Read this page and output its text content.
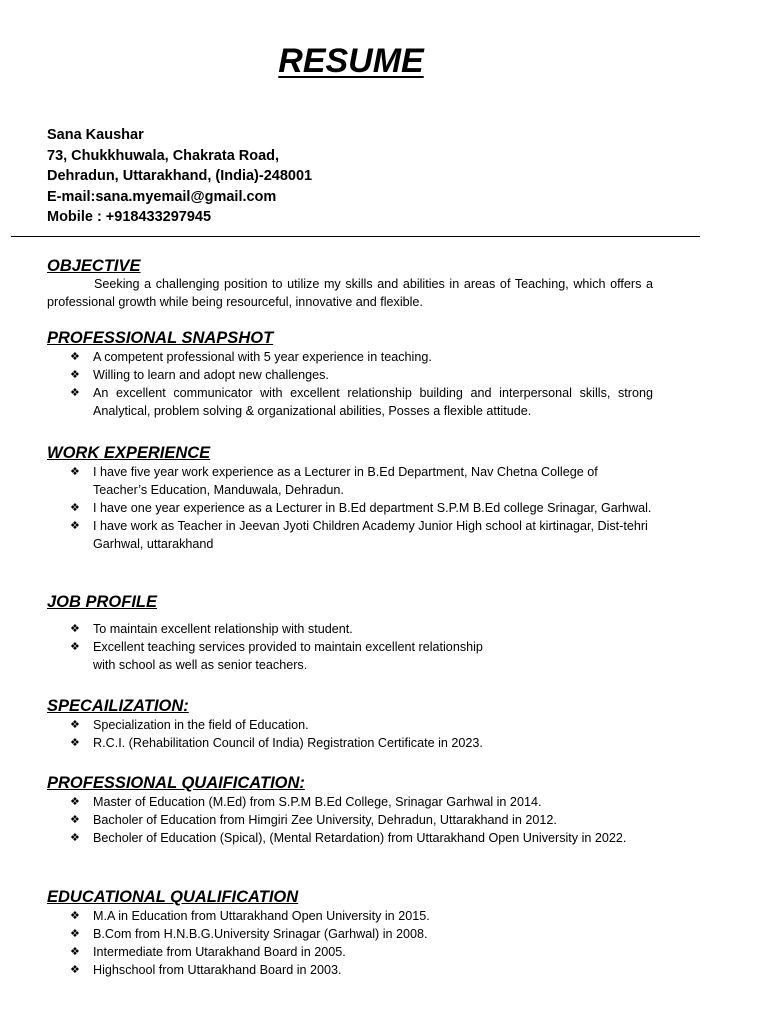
RESUME
Sana Kaushar
73, Chukkhuwala, Chakrata Road,
Dehradun, Uttarakhand, (India)-248001
E-mail:sana.myemail@gmail.com
Mobile : +918433297945

OBJECTIVE

Seeking a challenging position to utilize my skills and abilities in areas of Teaching, which offers a professional growth while being resourceful, innovative and flexible.

PROFESSIONAL SNAPSHOT

❖ A competent professional with 5 year experience in teaching.
❖ Willing to learn and adopt new challenges.
❖ An excellent communicator with excellent relationship building and interpersonal skills, strong Analytical, problem solving & organizational abilities, Posses a flexible attitude.

WORK EXPERIENCE

❖ I have five year work experience as a Lecturer in B.Ed Department, Nav Chetna College of Teacher’s Education, Manduwala, Dehradun.
❖ I have one year experience as a Lecturer in B.Ed department S.P.M B.Ed college Srinagar, Garhwal.
❖ I have work as Teacher in Jeevan Jyoti Children Academy Junior High school at kirtinagar, Dist-tehri Garhwal, uttarakhand

JOB PROFILE

❖ To maintain excellent relationship with student.
❖ Excellent teaching services provided to maintain excellent relationship with school as well as senior teachers.

SPECAILIZATION:

❖ Specialization in the field of Education.
❖ R.C.I. (Rehabilitation Council of India) Registration Certificate in 2023.

PROFESSIONAL QUAIFICATION:

❖ Master of Education (M.Ed) from S.P.M B.Ed College, Srinagar Garhwal in 2014.
❖ Bacholer of Education from Himgiri Zee University, Dehradun, Uttarakhand in 2012.
❖ Becholer of Education (Spical), (Mental Retardation) from Uttarakhand Open University in 2022.

EDUCATIONAL QUALIFICATION

❖ M.A in Education from Uttarakhand Open University in 2015.
❖ B.Com from H.N.B.G.University Srinagar (Garhwal) in 2008.
❖ Intermediate from Utarakhand Board in 2005.
❖ Highschool from Uttarakhand Board in 2003.
